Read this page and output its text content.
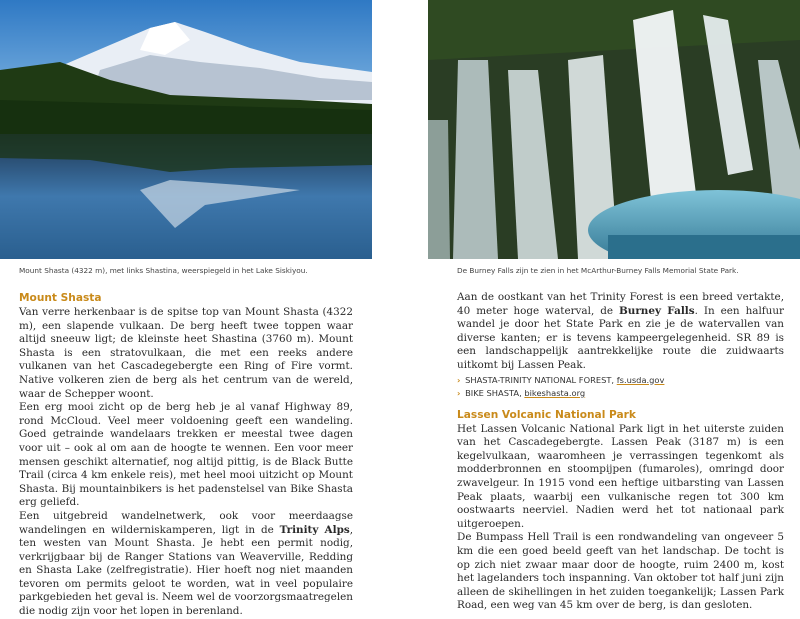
Mount Shasta (4322 m), met links Shastina, weerspiegeld in het Lake Siskiyou.	De Burney Falls zijn te zien in het McArthur-Burney Falls Memorial State Park.
Mount Shasta

Van verre herkenbaar is de spitse top van Mount Shasta (4322 m), een slapende vulkaan. De berg heeft twee toppen waar altijd sneeuw ligt; de kleinste heet Shastina (3760 m). Mount Shasta is een stratovulkaan, die met een reeks andere vulkanen van het Cascadegebergte een Ring of Fire vormt. Native volkeren zien de berg als het centrum van de wereld, waar de Schepper woont.

Een erg mooi zicht op de berg heb je al vanaf Highway 89, rond McCloud. Veel meer voldoening geeft een wandeling. Goed getrainde wandelaars trekken er meestal twee dagen voor uit – ook al om aan de hoogte te wennen. Een voor meer mensen geschikt alternatief, nog altijd pittig, is de Black Butte Trail (circa 4 km enkele reis), met heel mooi uitzicht op Mount Shasta. Bij mountainbikers is het padenstelsel van Bike Shasta erg geliefd.

Een uitgebreid wandelnetwerk, ook voor meerdaagse wandelingen en wilderniskamperen, ligt in de Trinity Alps, ten westen van Mount Shasta. Je hebt een permit nodig, verkrijgbaar bij de Ranger Stations van Weaverville, Redding en Shasta Lake (zelfregistratie). Hier hoeft nog niet maanden tevoren om permits geloot te worden, wat in veel populaire parkgebieden het geval is. Neem wel de voorzorgsmaatregelen die nodig zijn voor het lopen in berenland.

Aan de oostkant van het Trinity Forest is een breed vertakte, 40 meter hoge waterval, de Burney Falls. In een halfuur wandel je door het State Park en zie je de watervallen van diverse kanten; er is tevens kampeergelegenheid. SR 89 is een landschappelijk aantrekkelijke route die zuidwaarts uitkomt bij Lassen Peak.

› SHASTA-TRINITY NATIONAL FOREST, fs.usda.gov
› BIKE SHASTA, bikeshasta.org
Lassen Volcanic National Park

Het Lassen Volcanic National Park ligt in het uiterste zuiden van het Cascadegebergte. Lassen Peak (3187 m) is een kegelvulkaan, waaromheen je verrassingen tegenkomt als modderbronnen en stoompijpen (fumaroles), omringd door zwavelgeur. In 1915 vond een heftige uitbarsting van Lassen Peak plaats, waarbij een vulkanische regen tot 300 km oostwaarts neerviel. Nadien werd het tot nationaal park uitgeroepen.

De Bumpass Hell Trail is een rondwandeling van ongeveer 5 km die een goed beeld geeft van het landschap. De tocht is op zich niet zwaar maar door de hoogte, ruim 2400 m, kost het lagelanders toch inspanning. Van oktober tot half juni zijn alleen de skihellingen in het zuiden toegankelijk; Lassen Park Road, een weg van 45 km over de berg, is dan gesloten.
